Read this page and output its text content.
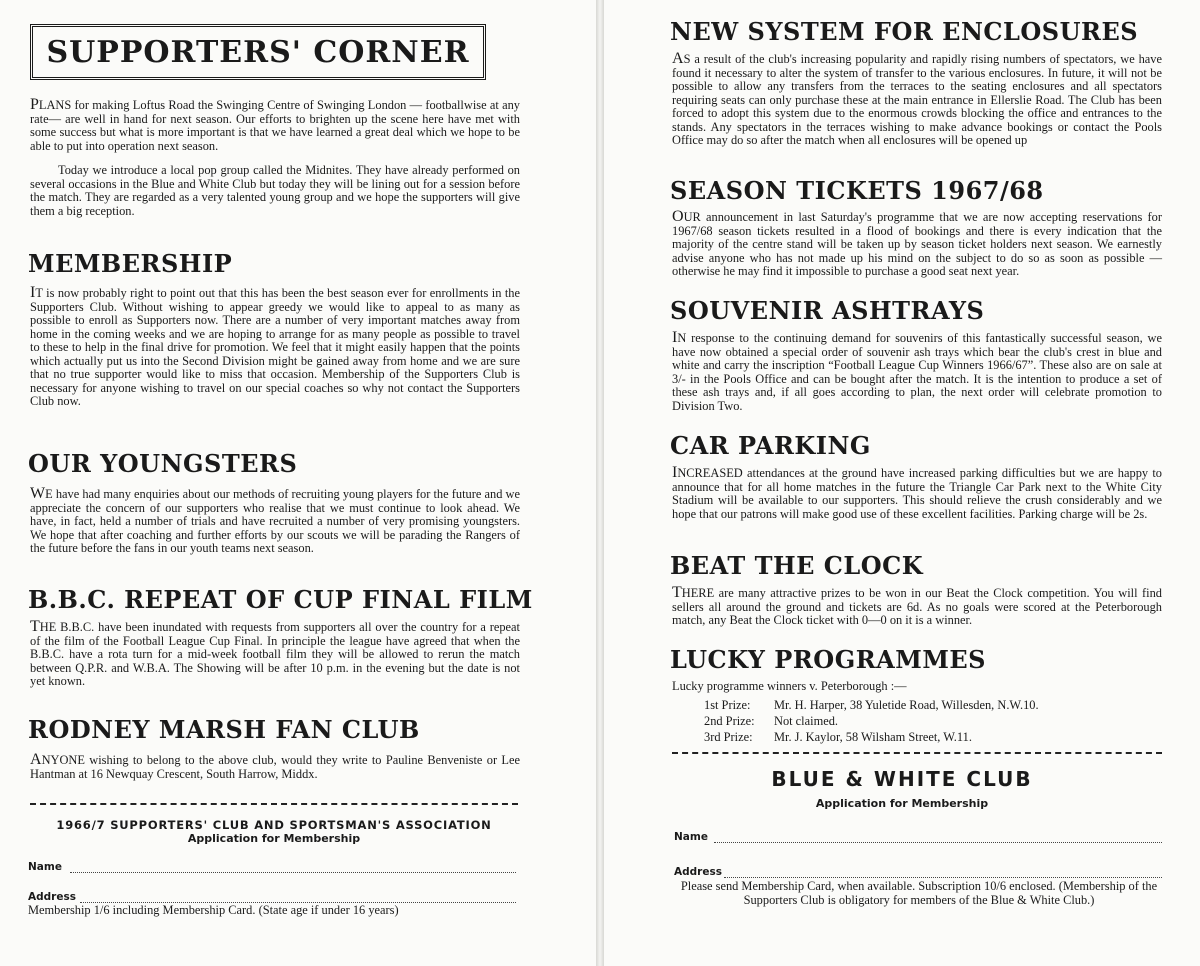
SUPPORTERS' CORNER
PLANS for making Loftus Road the Swinging Centre of Swinging London — footballwise at any rate— are well in hand for next season. Our efforts to brighten up the scene here have met with some success but what is more important is that we have learned a great deal which we hope to be able to put into operation next season.
Today we introduce a local pop group called the Midnites. They have already performed on several occasions in the Blue and White Club but today they will be lining out for a session before the match. They are regarded as a very talented young group and we hope the supporters will give them a big reception.
MEMBERSHIP
IT is now probably right to point out that this has been the best season ever for enrollments in the Supporters Club. Without wishing to appear greedy we would like to appeal to as many as possible to enroll as Supporters now. There are a number of very important matches away from home in the coming weeks and we are hoping to arrange for as many people as possible to travel to these to help in the final drive for promotion. We feel that it might easily happen that the points which actually put us into the Second Division might be gained away from home and we are sure that no true supporter would like to miss that occasion. Membership of the Supporters Club is necessary for anyone wishing to travel on our special coaches so why not contact the Supporters Club now.
OUR YOUNGSTERS
WE have had many enquiries about our methods of recruiting young players for the future and we appreciate the concern of our supporters who realise that we must continue to look ahead. We have, in fact, held a number of trials and have recruited a number of very promising youngsters. We hope that after coaching and further efforts by our scouts we will be parading the Rangers of the future before the fans in our youth teams next season.
B.B.C. REPEAT OF CUP FINAL FILM
THE B.B.C. have been inundated with requests from supporters all over the country for a repeat of the film of the Football League Cup Final. In principle the league have agreed that when the B.B.C. have a rota turn for a mid-week football film they will be allowed to rerun the match between Q.P.R. and W.B.A. The Showing will be after 10 p.m. in the evening but the date is not yet known.
RODNEY MARSH FAN CLUB
ANYONE wishing to belong to the above club, would they write to Pauline Benveniste or Lee Hantman at 16 Newquay Crescent, South Harrow, Middx.
1966/7 SUPPORTERS' CLUB AND SPORTSMAN'S ASSOCIATION
Application for Membership
Name
Address
Membership 1/6 including Membership Card. (State age if under 16 years)
NEW SYSTEM FOR ENCLOSURES
AS a result of the club's increasing popularity and rapidly rising numbers of spectators, we have found it necessary to alter the system of transfer to the various enclosures. In future, it will not be possible to allow any transfers from the terraces to the seating enclosures and all spectators requiring seats can only purchase these at the main entrance in Ellerslie Road. The Club has been forced to adopt this system due to the enormous crowds blocking the office and entrances to the stands. Any spectators in the terraces wishing to make advance bookings or contact the Pools Office may do so after the match when all enclosures will be opened up
SEASON TICKETS 1967/68
OUR announcement in last Saturday's programme that we are now accepting reservations for 1967/68 season tickets resulted in a flood of bookings and there is every indication that the majority of the centre stand will be taken up by season ticket holders next season. We earnestly advise anyone who has not made up his mind on the subject to do so as soon as possible — otherwise he may find it impossible to purchase a good seat next year.
SOUVENIR ASHTRAYS
IN response to the continuing demand for souvenirs of this fantastically successful season, we have now obtained a special order of souvenir ash trays which bear the club's crest in blue and white and carry the inscription “Football League Cup Winners 1966/67”. These also are on sale at 3/- in the Pools Office and can be bought after the match. It is the intention to produce a set of these ash trays and, if all goes according to plan, the next order will celebrate promotion to Division Two.
CAR PARKING
INCREASED attendances at the ground have increased parking difficulties but we are happy to announce that for all home matches in the future the Triangle Car Park next to the White City Stadium will be available to our supporters. This should relieve the crush considerably and we hope that our patrons will make good use of these excellent facilities. Parking charge will be 2s.
BEAT THE CLOCK
THERE are many attractive prizes to be won in our Beat the Clock competition. You will find sellers all around the ground and tickets are 6d. As no goals were scored at the Peterborough match, any Beat the Clock ticket with 0—0 on it is a winner.
LUCKY PROGRAMMES
Lucky programme winners v. Peterborough :—
1st Prize:	Mr. H. Harper, 38 Yuletide Road, Willesden, N.W.10.
2nd Prize:	Not claimed.
3rd Prize:	Mr. J. Kaylor, 58 Wilsham Street, W.11.
BLUE & WHITE CLUB
Application for Membership
Name
Address
Please send Membership Card, when available. Subscription 10/6 enclosed. (Membership of the Supporters Club is obligatory for members of the Blue & White Club.)
